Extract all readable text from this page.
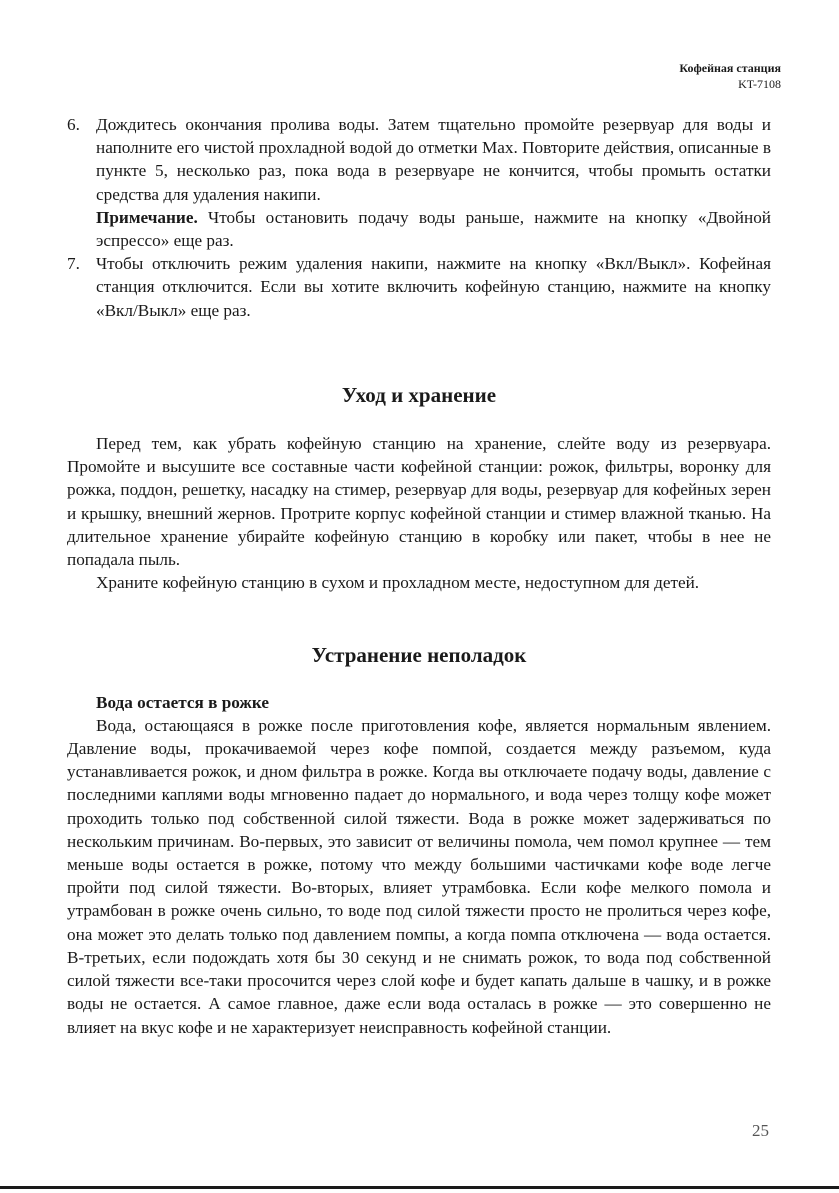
Кофейная станция
KT-7108
6. Дождитесь окончания пролива воды. Затем тщательно промойте резервуар для воды и наполните его чистой прохладной водой до отметки Max. Повторите действия, описанные в пункте 5, несколько раз, пока вода в резервуаре не кончится, чтобы промыть остатки средства для удаления накипи.

Примечание. Чтобы остановить подачу воды раньше, нажмите на кнопку «Двойной эспрессо» еще раз.

7. Чтобы отключить режим удаления накипи, нажмите на кнопку «Вкл/Выкл». Кофейная станция отключится. Если вы хотите включить кофейную станцию, нажмите на кнопку «Вкл/Выкл» еще раз.

Уход и хранение

Перед тем, как убрать кофейную станцию на хранение, слейте воду из резервуара. Промойте и высушите все составные части кофейной станции: рожок, фильтры, воронку для рожка, поддон, решетку, насадку на стимер, резервуар для воды, резервуар для кофейных зерен и крышку, внешний жернов. Протрите корпус кофейной станции и стимер влажной тканью. На длительное хранение убирайте кофейную станцию в коробку или пакет, чтобы в нее не попадала пыль.

Храните кофейную станцию в сухом и прохладном месте, недоступном для детей.

Устранение неполадок

Вода остается в рожке

Вода, остающаяся в рожке после приготовления кофе, является нормальным явлением. Давление воды, прокачиваемой через кофе помпой, создается между разъемом, куда устанавливается рожок, и дном фильтра в рожке. Когда вы отключаете подачу воды, давление с последними каплями воды мгновенно падает до нормального, и вода через толщу кофе может проходить только под собственной силой тяжести. Вода в рожке может задерживаться по нескольким причинам. Во-первых, это зависит от величины помола, чем помол крупнее — тем меньше воды остается в рожке, потому что между большими частичками кофе воде легче пройти под силой тяжести. Во-вторых, влияет утрамбовка. Если кофе мелкого помола и утрамбован в рожке очень сильно, то воде под силой тяжести просто не пролиться через кофе, она может это делать только под давлением помпы, а когда помпа отключена — вода остается. В-третьих, если подождать хотя бы 30 секунд и не снимать рожок, то вода под собственной силой тяжести все-таки просочится через слой кофе и будет капать дальше в чашку, и в рожке воды не остается. А самое главное, даже если вода осталась в рожке — это совершенно не влияет на вкус кофе и не характеризует неисправность кофейной станции.

25
